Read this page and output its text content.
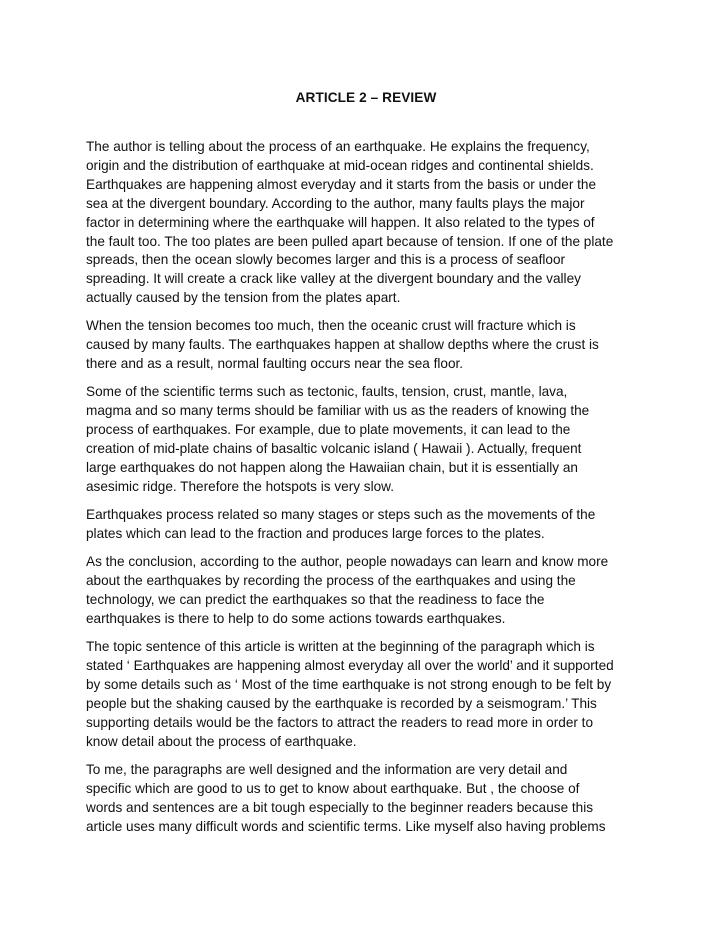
ARTICLE 2 – REVIEW

The author is telling about the process of an earthquake. He explains the frequency,
origin and the distribution of earthquake at mid-ocean ridges and continental shields.
Earthquakes are happening almost everyday and it starts from the basis or under the
sea at the divergent boundary. According to the author, many faults plays the major
factor in determining where the earthquake will happen. It also related to the types of
the fault too. The too plates are been pulled apart because of tension. If one of the plate
spreads, then the ocean slowly becomes larger and this is a process of seafloor
spreading. It will create a crack like valley at the divergent boundary and the valley
actually caused by the tension from the plates apart.

When the tension becomes too much, then the oceanic crust will fracture which is
caused by many faults. The earthquakes happen at shallow depths where the crust is
there and as a result, normal faulting occurs near the sea floor.

Some of the scientific terms such as tectonic, faults, tension, crust, mantle, lava,
magma and so many terms should be familiar with us as the readers of knowing the
process of earthquakes. For example, due to plate movements, it can lead to the
creation of mid-plate chains of basaltic volcanic island ( Hawaii ). Actually, frequent
large earthquakes do not happen along the Hawaiian chain, but it is essentially an
asesimic ridge. Therefore the hotspots is very slow.

Earthquakes process related so many stages or steps such as the movements of the
plates which can lead to the fraction and produces large forces to the plates.

As the conclusion, according to the author, people nowadays can learn and know more
about the earthquakes by recording the process of the earthquakes and using the
technology, we can predict the earthquakes so that the readiness to face the
earthquakes is there to help to do some actions towards earthquakes.

The topic sentence of this article is written at the beginning of the paragraph which is
stated ‘ Earthquakes are happening almost everyday all over the world’ and it supported
by some details such as ‘ Most of the time earthquake is not strong enough to be felt by
people but the shaking caused by the earthquake is recorded by a seismogram.’ This
supporting details would be the factors to attract the readers to read more in order to
know detail about the process of earthquake.

To me, the paragraphs are well designed and the information are very detail and
specific which are good to us to get to know about earthquake. But , the choose of
words and sentences are a bit tough especially to the beginner readers because this
article uses many difficult words and scientific terms. Like myself also having problems
